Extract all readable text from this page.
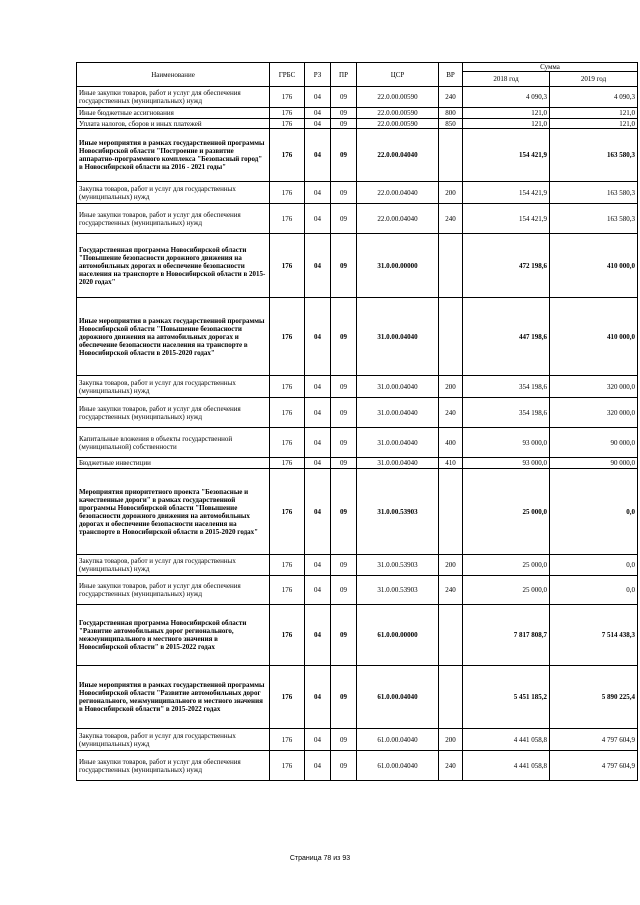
Наименование	ГРБС	РЗ	ПР	ЦСР	ВР	Сумма	
						2018 год	2019 год
Иные закупки товаров, работ и услуг для обеспечения государственных (муниципальных) нужд	176	04	09	22.0.00.00590	240	4 090,3	4 090,3
Иные бюджетные ассигнования	176	04	09	22.0.00.00590	800	121,0	121,0
Уплата налогов, сборов и иных платежей	176	04	09	22.0.00.00590	850	121,0	121,0
Иные мероприятия в рамках государственной программы Новосибирской области "Построение и развитие аппаратно-программного комплекса "Безопасный город" в Новосибирской области на 2016 - 2021 годы"	176	04	09	22.0.00.04040		154 421,9	163 580,3
Закупка товаров, работ и услуг для государственных (муниципальных) нужд	176	04	09	22.0.00.04040	200	154 421,9	163 580,3
Иные закупки товаров, работ и услуг для обеспечения государственных (муниципальных) нужд	176	04	09	22.0.00.04040	240	154 421,9	163 580,3
Государственная программа Новосибирской области "Повышение безопасности дорожного движения на автомобильных дорогах и обеспечение безопасности населения на транспорте в Новосибирской области в 2015-2020 годах"	176	04	09	31.0.00.00000		472 198,6	410 000,0
Иные мероприятия в рамках государственной программы Новосибирской области "Повышение безопасности дорожного движения на автомобильных дорогах и обеспечение безопасности населения на транспорте в Новосибирской области в 2015-2020 годах"	176	04	09	31.0.00.04040		447 198,6	410 000,0
Закупка товаров, работ и услуг для государственных (муниципальных) нужд	176	04	09	31.0.00.04040	200	354 198,6	320 000,0
Иные закупки товаров, работ и услуг для обеспечения государственных (муниципальных) нужд	176	04	09	31.0.00.04040	240	354 198,6	320 000,0
Капитальные вложения в объекты государственной (муниципальной) собственности	176	04	09	31.0.00.04040	400	93 000,0	90 000,0
Бюджетные инвестиции	176	04	09	31.0.00.04040	410	93 000,0	90 000,0
Мероприятия приоритетного проекта "Безопасные и качественные дороги" в рамках государственной программы Новосибирской области "Повышение безопасности дорожного движения на автомобильных дорогах и обеспечение безопасности населения на транспорте в Новосибирской области в 2015-2020 годах"	176	04	09	31.0.00.53903		25 000,0	0,0
Закупка товаров, работ и услуг для государственных (муниципальных) нужд	176	04	09	31.0.00.53903	200	25 000,0	0,0
Иные закупки товаров, работ и услуг для обеспечения государственных (муниципальных) нужд	176	04	09	31.0.00.53903	240	25 000,0	0,0
Государственная программа Новосибирской области "Развитие автомобильных дорог регионального, межмуниципального и местного значения в Новосибирской области" в 2015-2022 годах	176	04	09	61.0.00.00000		7 817 808,7	7 514 438,3
Иные мероприятия в рамках государственной программы Новосибирской области "Развитие автомобильных дорог регионального, межмуниципального и местного значения в Новосибирской области" в 2015-2022 годах	176	04	09	61.0.00.04040		5 451 185,2	5 890 225,4
Закупка товаров, работ и услуг для государственных (муниципальных) нужд	176	04	09	61.0.00.04040	200	4 441 058,8	4 797 604,9
Иные закупки товаров, работ и услуг для обеспечения государственных (муниципальных) нужд	176	04	09	61.0.00.04040	240	4 441 058,8	4 797 604,9
Страница 78 из 93
